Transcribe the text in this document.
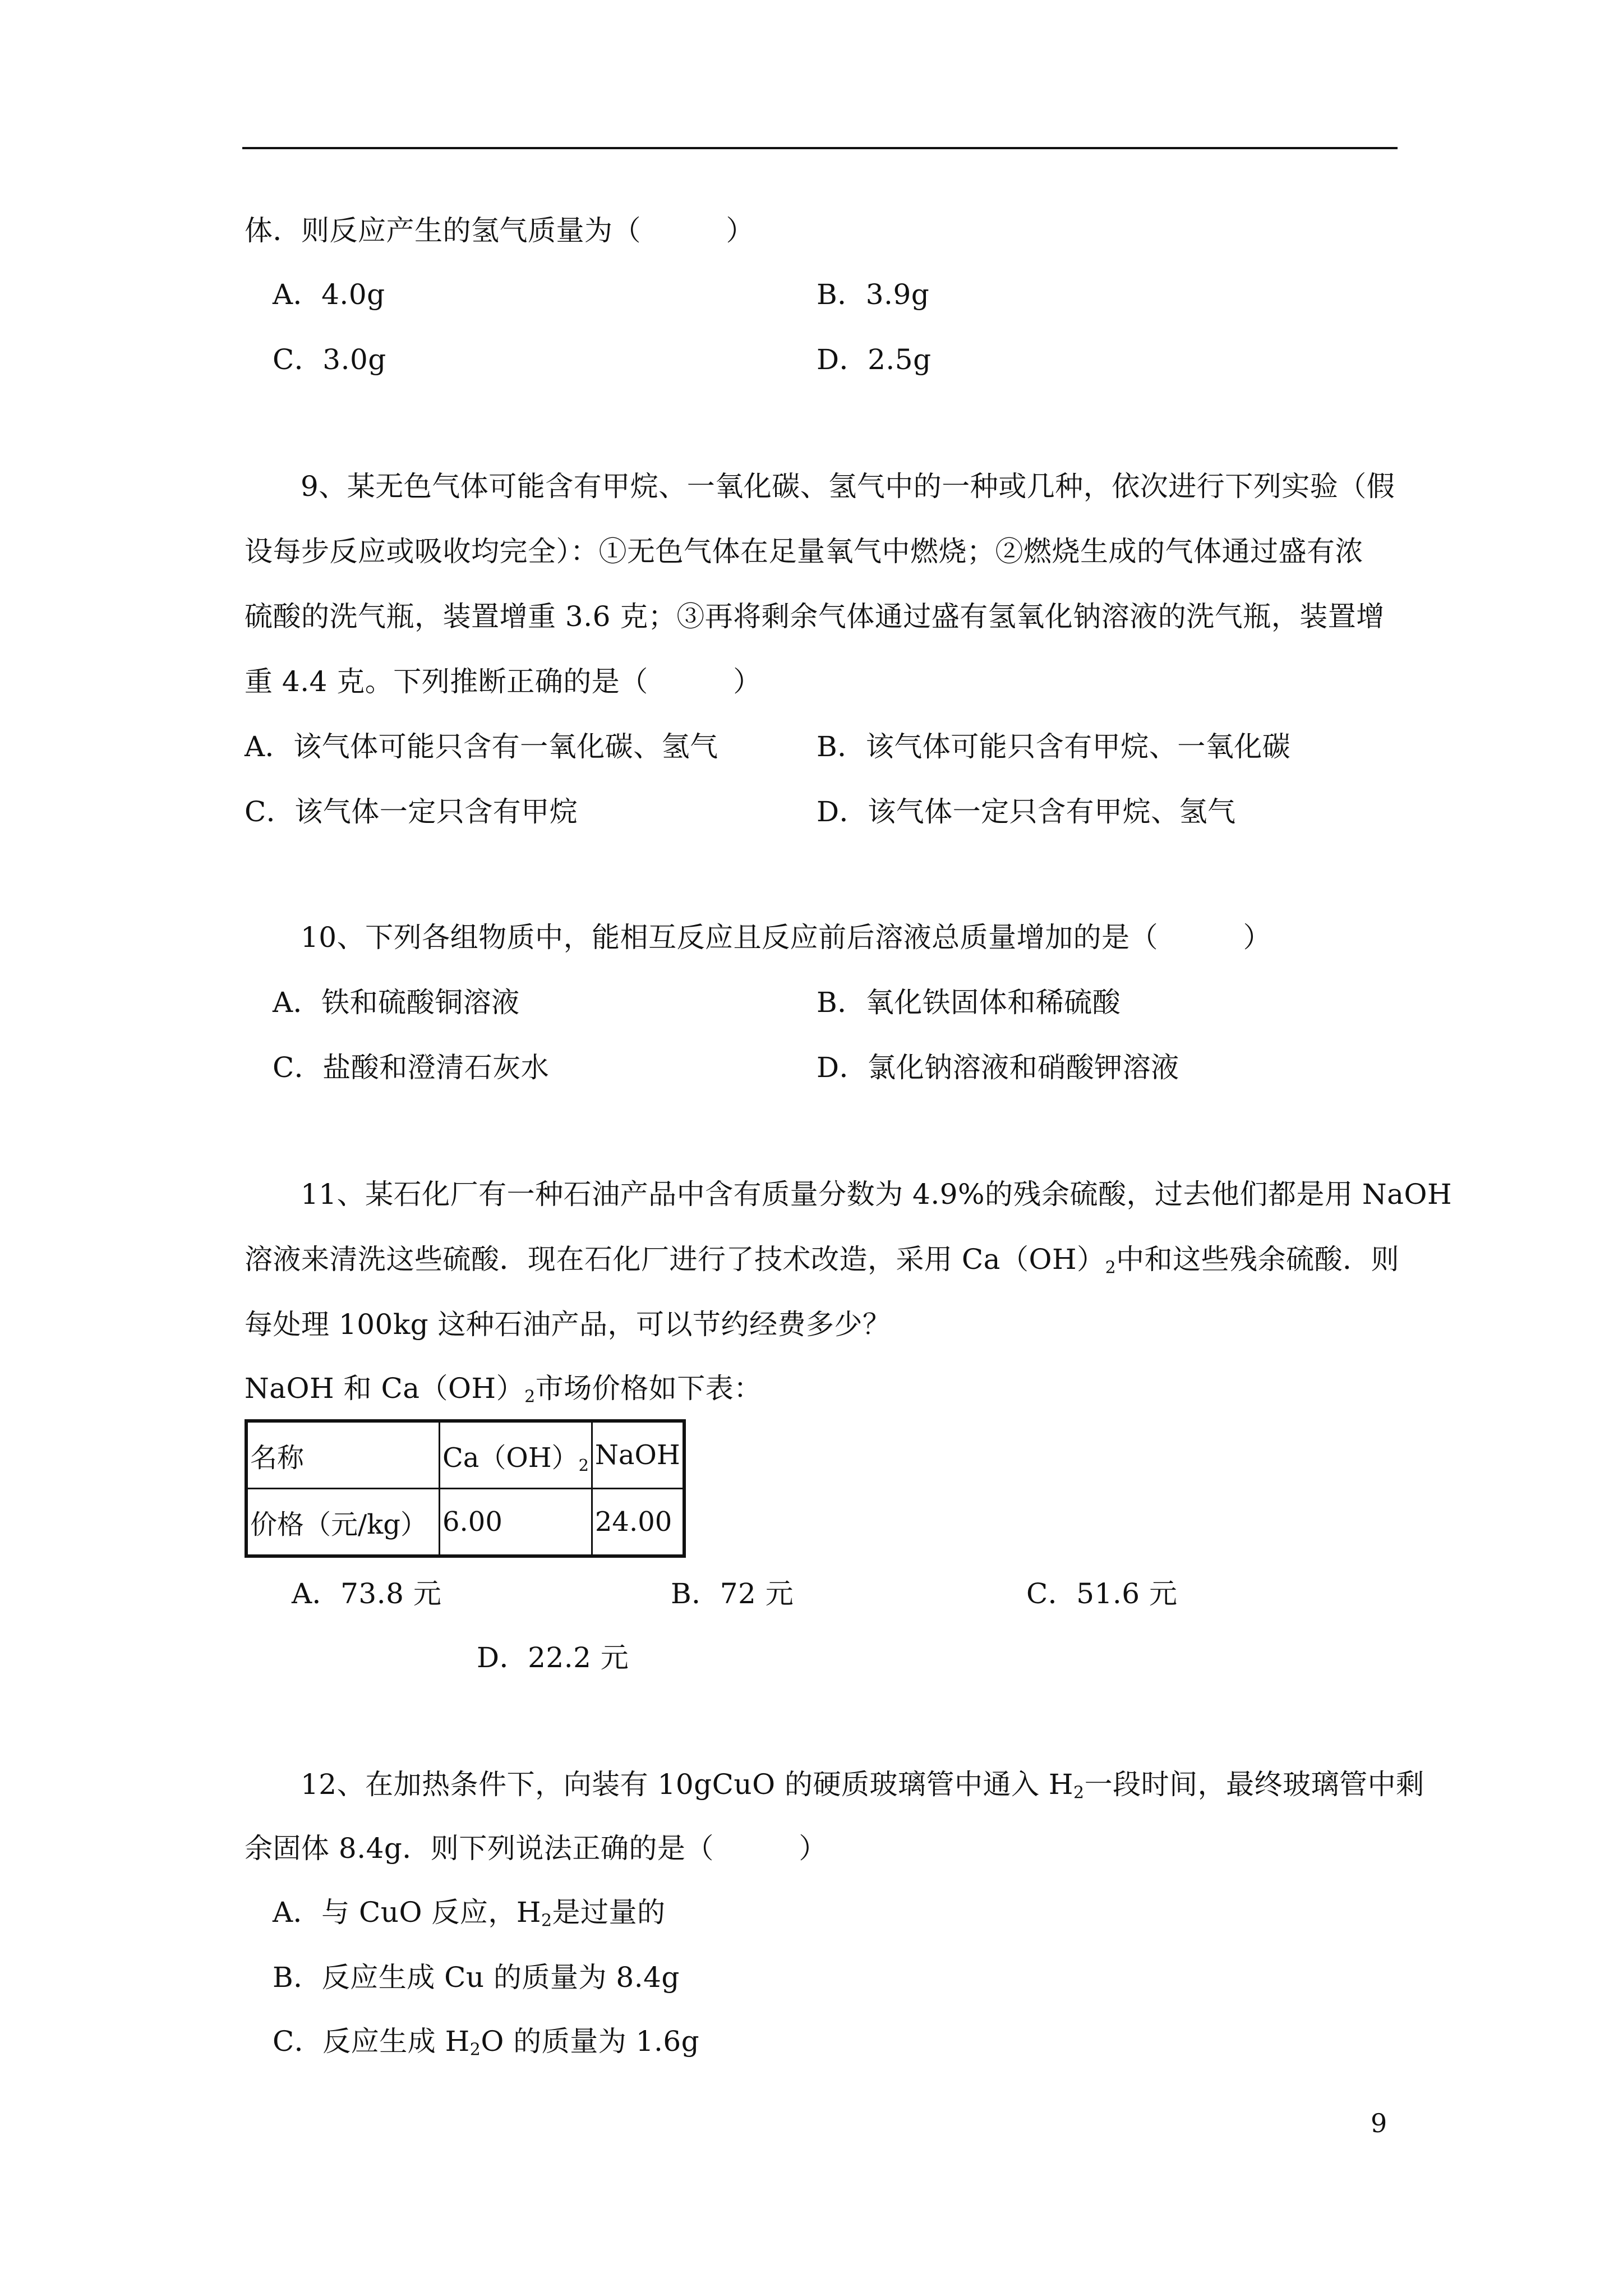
体．则反应产生的氢气质量为（　　　）
A．4.0g	B．3.9g
C．3.0g	D．2.5g
9、某无色气体可能含有甲烷、一氧化碳、氢气中的一种或几种，依次进行下列实验（假
设每步反应或吸收均完全）：①无色气体在足量氧气中燃烧；②燃烧生成的气体通过盛有浓
硫酸的洗气瓶，装置增重 3.6 克；③再将剩余气体通过盛有氢氧化钠溶液的洗气瓶，装置增
重 4.4 克。下列推断正确的是（　　　）
A．该气体可能只含有一氧化碳、氢气	B．该气体可能只含有甲烷、一氧化碳
C．该气体一定只含有甲烷	D．该气体一定只含有甲烷、氢气
10、下列各组物质中，能相互反应且反应前后溶液总质量增加的是（　　　）
A．铁和硫酸铜溶液	B．氧化铁固体和稀硫酸
C．盐酸和澄清石灰水	D．氯化钠溶液和硝酸钾溶液
11、某石化厂有一种石油产品中含有质量分数为 4.9%的残余硫酸，过去他们都是用 NaOH
溶液来清洗这些硫酸．现在石化厂进行了技术改造，采用 $Ca(OH)_2$中和这些残余硫酸．则
每处理 100kg 这种石油产品，可以节约经费多少？
NaOH 和 $Ca(OH)_2$市场价格如下表：
名称	$Ca(OH)_2$	NaOH
价格（元/kg）	6.00	24.00
A．73.8 元	B．72 元	C．51.6 元
D．22.2 元
12、在加热条件下，向装有 10gCuO 的硬质玻璃管中通入 $H_2$一段时间，最终玻璃管中剩
余固体 8.4g．则下列说法正确的是（　　　）
A．与 CuO 反应，$H_2$是过量的
B．反应生成 Cu 的质量为 8.4g
C．反应生成 $H_2O$ 的质量为 1.6g
9
